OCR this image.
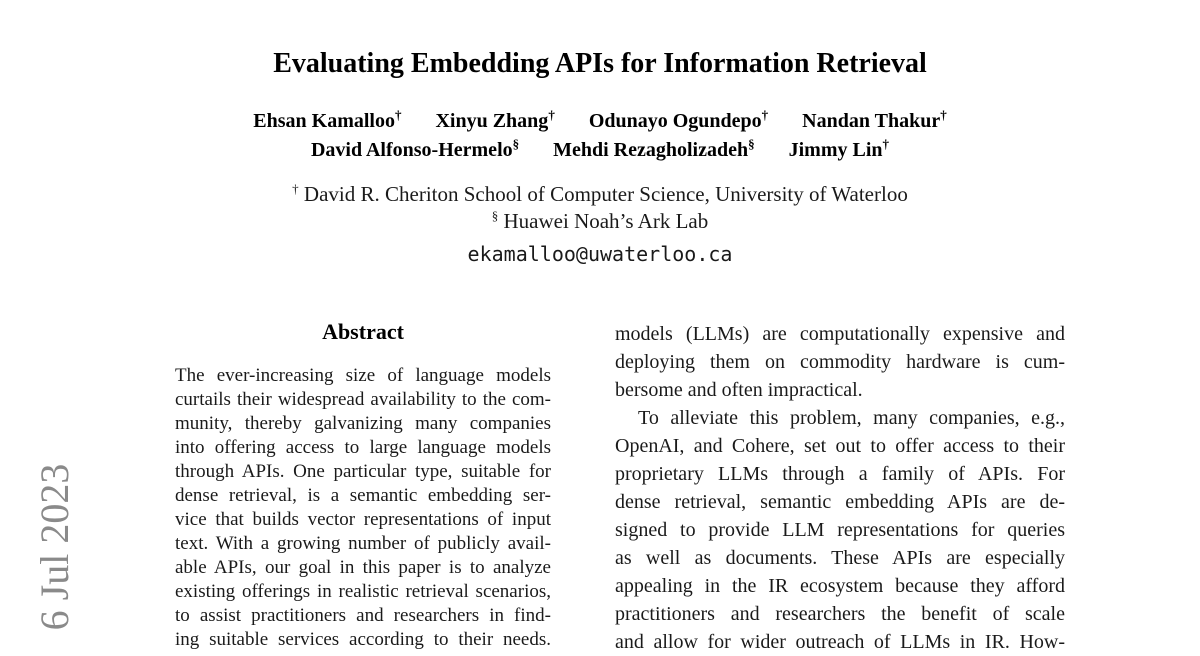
6 Jul 2023
Evaluating Embedding APIs for Information Retrieval
Ehsan Kamalloo† Xinyu Zhang† Odunayo Ogundepo† Nandan Thakur†
David Alfonso-Hermelo§ Mehdi Rezagholizadeh§ Jimmy Lin†
† David R. Cheriton School of Computer Science, University of Waterloo
§ Huawei Noah’s Ark Lab
ekamalloo@uwaterloo.ca
Abstract
The ever-increasing size of language models
curtails their widespread availability to the com-
munity, thereby galvanizing many companies
into offering access to large language models
through APIs. One particular type, suitable for
dense retrieval, is a semantic embedding ser-
vice that builds vector representations of input
text. With a growing number of publicly avail-
able APIs, our goal in this paper is to analyze
existing offerings in realistic retrieval scenarios,
to assist practitioners and researchers in find-
ing suitable services according to their needs.
models (LLMs) are computationally expensive and
deploying them on commodity hardware is cum-
bersome and often impractical.
To alleviate this problem, many companies, e.g.,
OpenAI, and Cohere, set out to offer access to their
proprietary LLMs through a family of APIs. For
dense retrieval, semantic embedding APIs are de-
signed to provide LLM representations for queries
as well as documents. These APIs are especially
appealing in the IR ecosystem because they afford
practitioners and researchers the benefit of scale
and allow for wider outreach of LLMs in IR. How-
